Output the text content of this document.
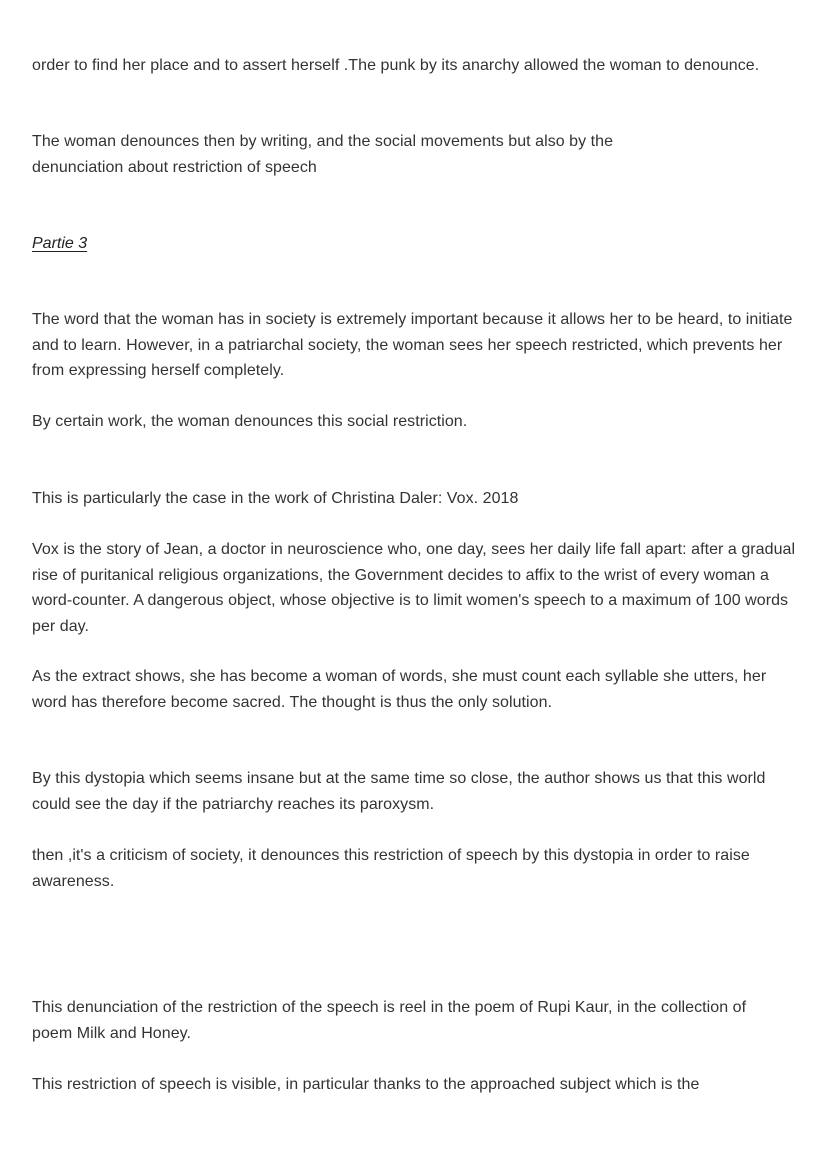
order to find her place and to assert herself .The punk by its anarchy allowed the woman to denounce.

The woman denounces then by writing, and the social movements but also by the denunciation about restriction of speech

Partie 3

The word that the woman has in society is extremely important because it allows her to be heard, to initiate and to learn. However, in a patriarchal society, the woman sees her speech restricted, which prevents her from expressing herself completely.

By certain work, the woman denounces this social restriction.

This is particularly the case in the work of Christina Daler: Vox. 2018

Vox is the story of Jean, a doctor in neuroscience who, one day, sees her daily life fall apart: after a gradual rise of puritanical religious organizations, the Government decides to affix to the wrist of every woman a word-counter. A dangerous object, whose objective is to limit women's speech to a maximum of 100 words per day.

As the extract shows, she has become a woman of words, she must count each syllable she utters, her word has therefore become sacred. The thought is thus the only solution.

By this dystopia which seems insane but at the same time so close, the author shows us that this world could see the day if the patriarchy reaches its paroxysm.

then ,it's a criticism of society, it denounces this restriction of speech by this dystopia in order to raise awareness.

This denunciation of the restriction of the speech is reel in the poem of Rupi Kaur, in the collection of poem Milk and Honey.

This restriction of speech is visible, in particular thanks to the approached subject which is the
